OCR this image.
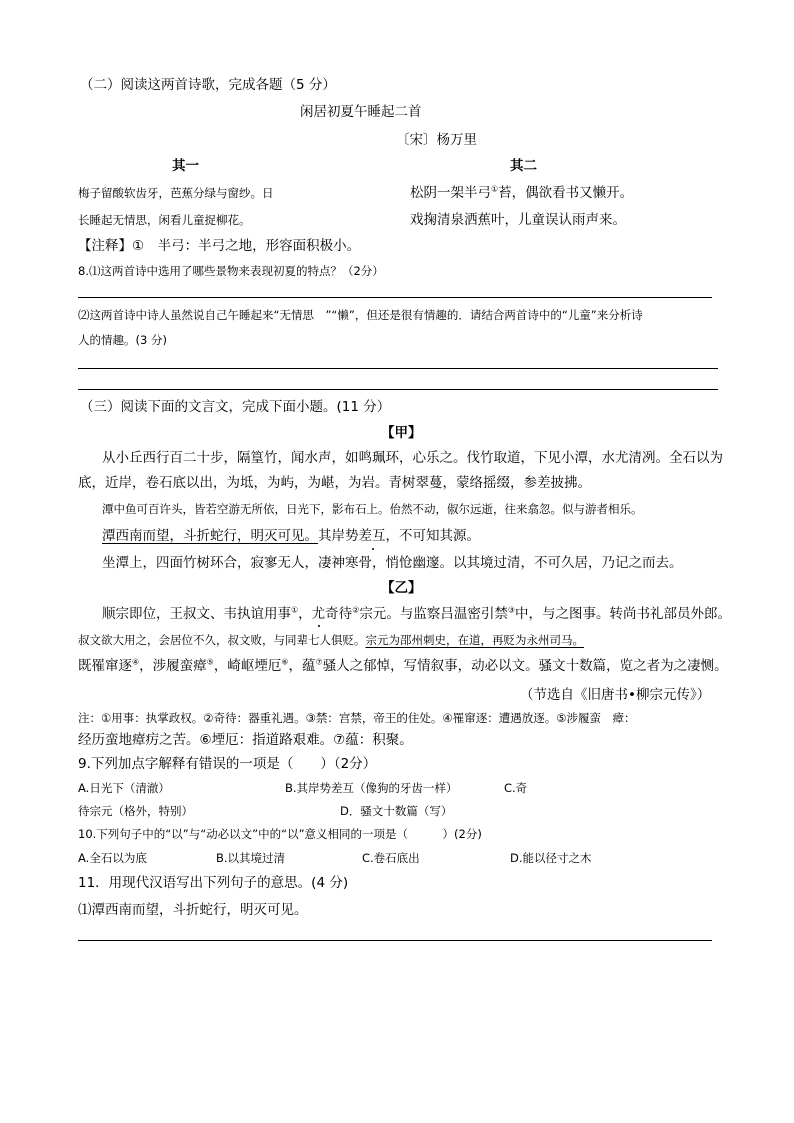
（二）阅读这两首诗歌，完成各题（5 分）
闲居初夏午睡起二首
〔宋〕杨万里
其一	其二
梅子留酸软齿牙，芭蕉分绿与窗纱。日
长睡起无情思，闲看儿童捉柳花。
松阴一架半弓①苔，偶欲看书又懒开。
戏掬清泉洒蕉叶，儿童误认雨声来。
【注释】①　半弓：半弓之地，形容面积极小。
8.⑴这两首诗中选用了哪些景物来表现初夏的特点？（2分）
⑵这两首诗中诗人虽然说自己午睡起来“无情思　”“懒”，但还是很有情趣的．请结合两首诗中的“儿童”来分析诗
人的情趣。(3 分)
（三）阅读下面的文言文，完成下面小题。(11 分）
【甲】
从小丘西行百二十步，隔篁竹，闻水声，如鸣珮环，心乐之。伐竹取道，下见小潭，水尤清冽。全石以为
底，近岸，卷石底以出，为坻，为屿，为嵁，为岩。青树翠蔓，蒙络摇缀，参差披拂。
潭中鱼可百许头，皆若空游无所依，日光下，影布石上。佁然不动，俶尔远逝，往来翕忽。似与游者相乐。
潭西南而望，斗折蛇行，明灭可见。其岸势差互，不可知其源。
坐潭上，四面竹树环合，寂寥无人，凄神寒骨，悄怆幽邃。以其境过清，不可久居，乃记之而去。
【乙】
顺宗即位，王叔文、韦执谊用事①，尤奇待②宗元。与监察吕温密引禁③中，与之图事。转尚书礼部员外郎。
叔文欲大用之，会居位不久，叔文败，与同辈七人俱贬。宗元为邵州刺史，在道，再贬为永州司马。
既罹窜逐④，涉履蛮瘴⑤，崎岖堙厄⑥，蕴⑦骚人之郁悼，写情叙事，动必以文。骚文十数篇，览之者为之凄恻。
（节选自《旧唐书•柳宗元传》）
注：①用事：执掌政权。②奇待：器重礼遇。③禁：宫禁，帝王的住处。④罹窜逐：遭遇放逐。⑤涉履蛮　瘴：
经历蛮地瘴疠之苦。⑥堙厄：指道路艰难。⑦蕴：积聚。
9.下列加点字解释有错误的一项是（　　）（2分）
A.日光下（清澈）	B.其岸势差互（像狗的牙齿一样）	C.奇
待宗元（格外，特别）	D．骚文十数篇（写）
10.下列句子中的“以”与“动必以文”中的“以”意义相同的一项是（　　　）(2分)
A.全石以为底	B.以其境过清	C.卷石底出	D.能以径寸之木
11．用现代汉语写出下列句子的意思。(4 分)
⑴潭西南而望，斗折蛇行，明灭可见。
